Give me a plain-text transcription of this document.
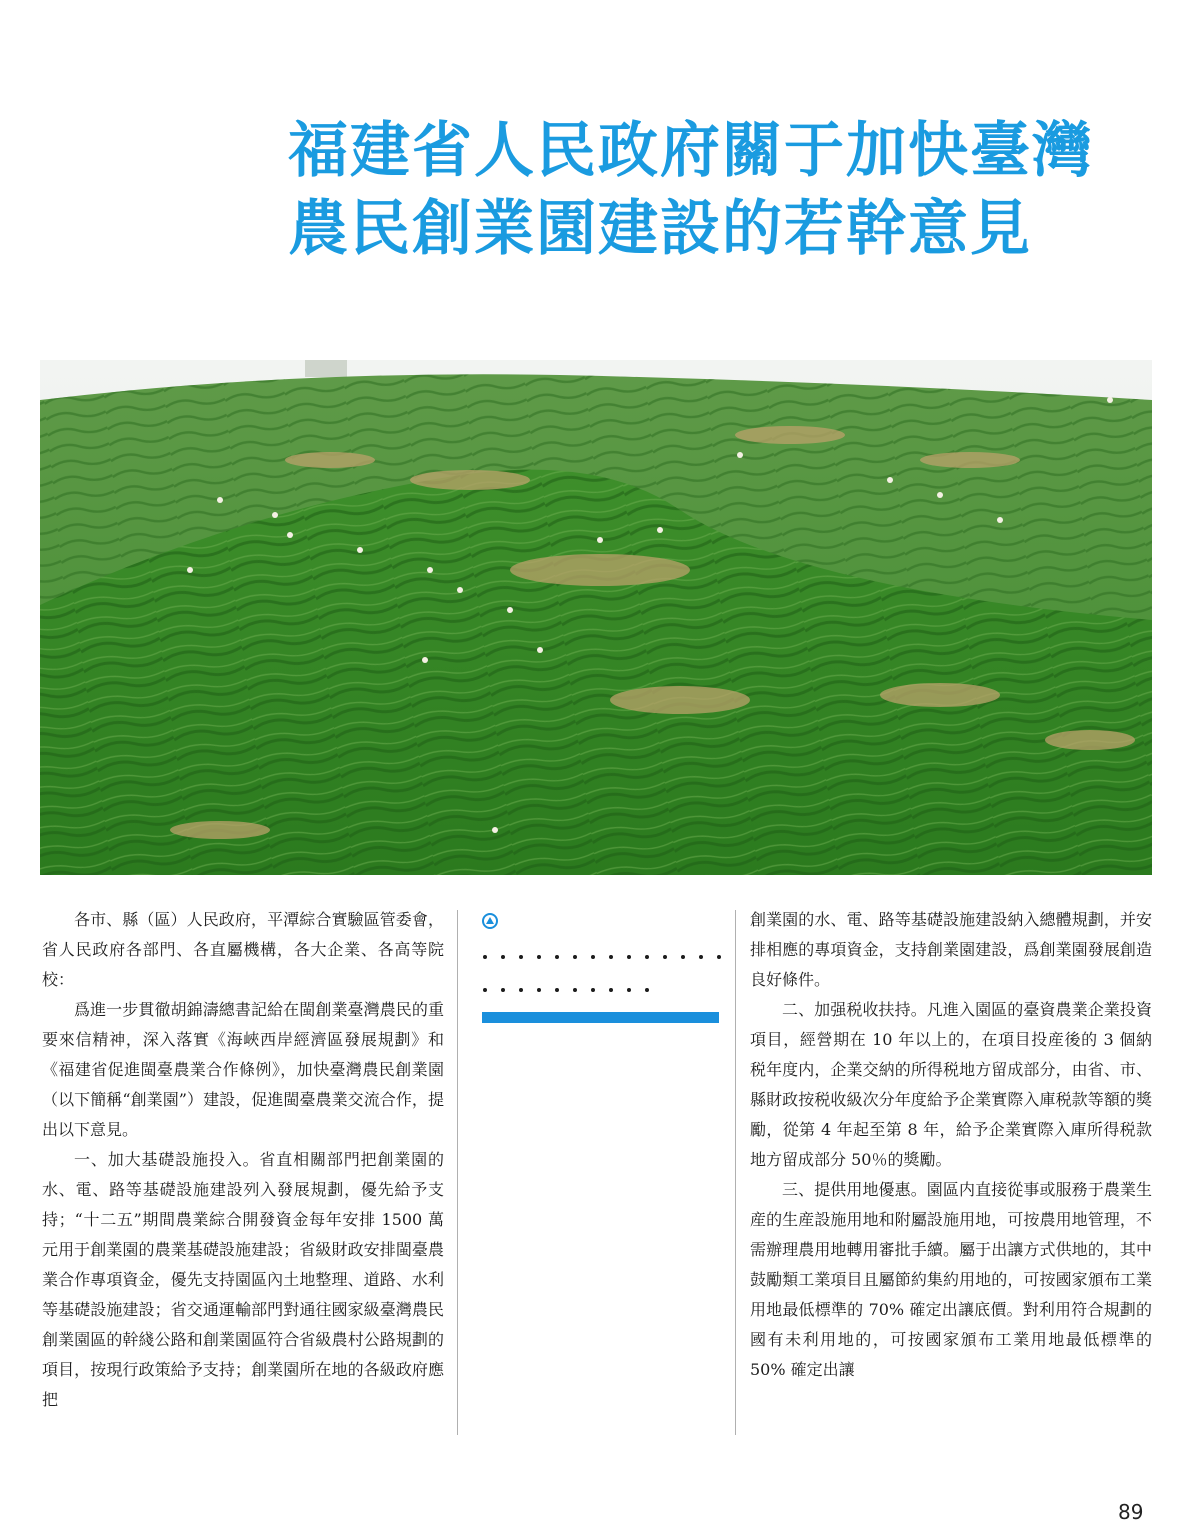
福建省人民政府關于加快臺灣
農民創業園建設的若幹意見

各市、縣（區）人民政府，平潭綜合實驗區管委會，省人民政府各部門、各直屬機構，各大企業、各高等院校：

爲進一步貫徹胡錦濤總書記給在閩創業臺灣農民的重要來信精神，深入落實《海峽西岸經濟區發展規劃》和《福建省促進閩臺農業合作條例》，加快臺灣農民創業園（以下簡稱“創業園”）建設，促進閩臺農業交流合作，提出以下意見。

一、加大基礎設施投入。省直相關部門把創業園的水、電、路等基礎設施建設列入發展規劃，優先給予支持；“十二五”期間農業綜合開發資金每年安排 1500 萬元用于創業園的農業基礎設施建設；省級財政安排閩臺農業合作專項資金，優先支持園區內土地整理、道路、水利等基礎設施建設；省交通運輸部門對通往國家級臺灣農民創業園區的幹綫公路和創業園區符合省級農村公路規劃的項目，按現行政策給予支持；創業園所在地的各級政府應把

創業園的水、電、路等基礎設施建設納入總體規劃，并安排相應的專項資金，支持創業園建設，爲創業園發展創造良好條件。

二、加强税收扶持。凡進入園區的臺資農業企業投資項目，經營期在 10 年以上的，在項目投産後的 3 個納税年度内，企業交納的所得税地方留成部分，由省、市、縣財政按税收級次分年度給予企業實際入庫税款等額的獎勵，從第 4 年起至第 8 年，給予企業實際入庫所得税款地方留成部分 50％的獎勵。

三、提供用地優惠。園區内直接從事或服務于農業生産的生産設施用地和附屬設施用地，可按農用地管理，不需辦理農用地轉用審批手續。屬于出讓方式供地的，其中鼓勵類工業項目且屬節約集約用地的，可按國家頒布工業用地最低標準的 70% 確定出讓底價。對利用符合規劃的國有未利用地的，可按國家頒布工業用地最低標準的 50% 確定出讓

89
